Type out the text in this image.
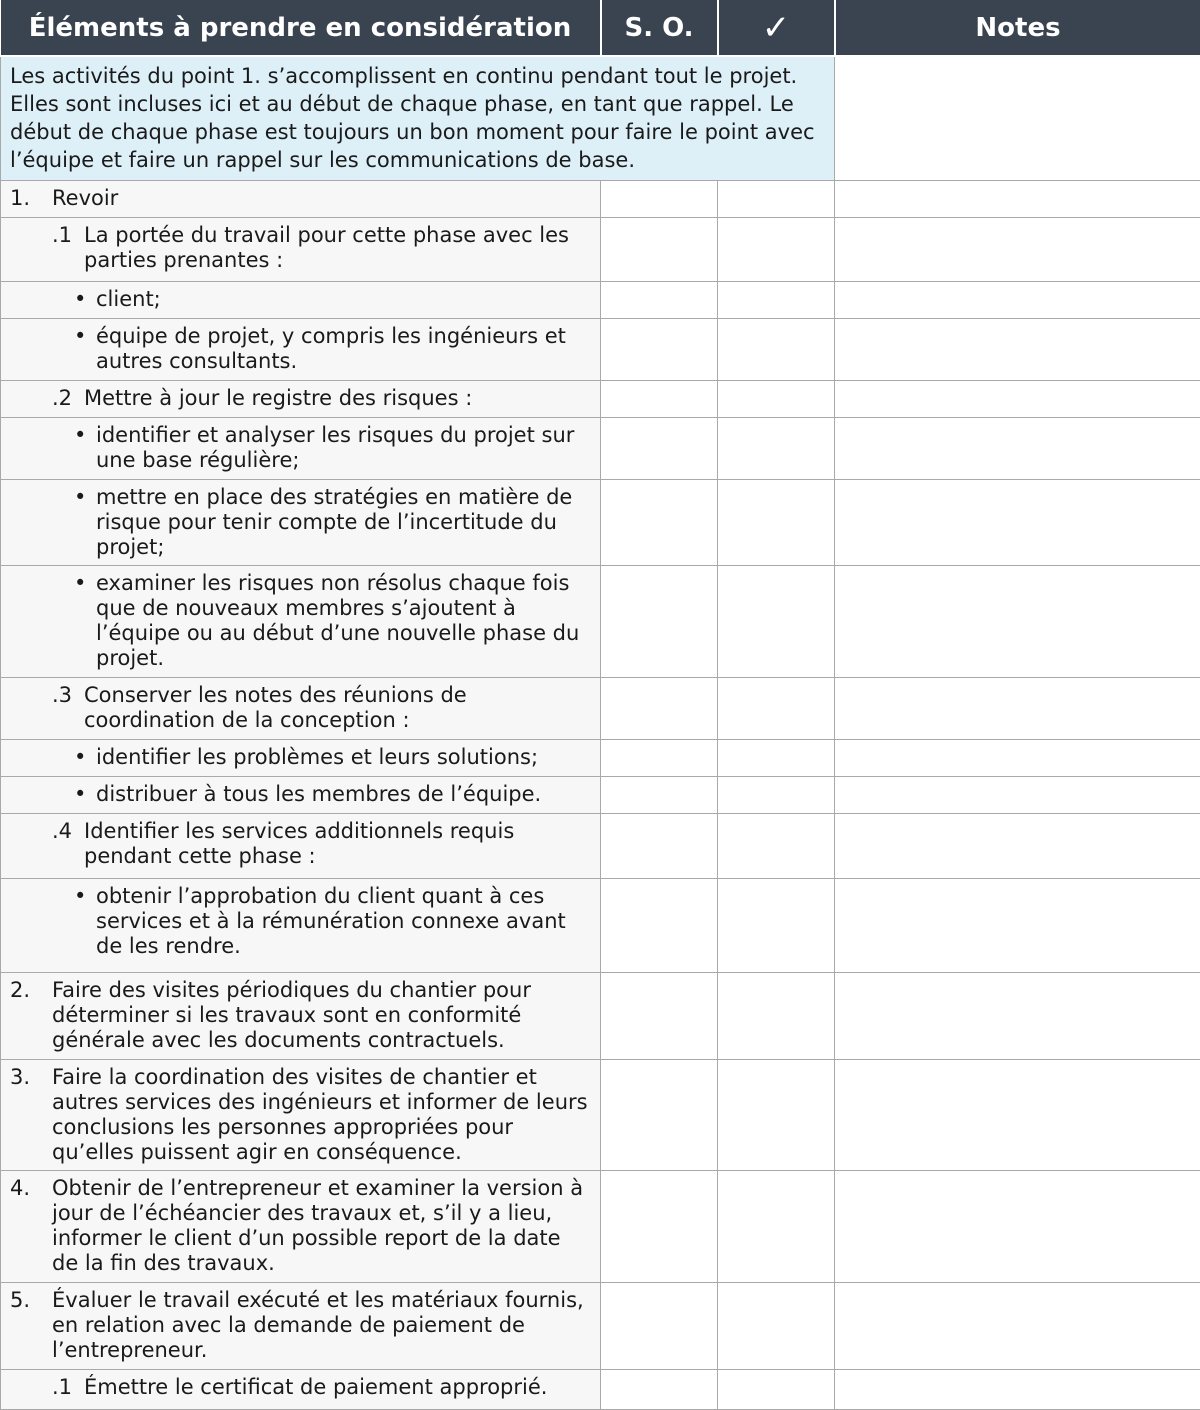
Éléments à prendre en considération	S. O.	✓	Notes
Les activités du point 1. s’accomplissent en continu pendant tout le projet. Elles sont incluses ici et au début de chaque phase, en tant que rappel. Le début de chaque phase est toujours un bon moment pour faire le point avec l’équipe et faire un rappel sur les communications de base.			

1. Revoir			

.1 La portée du travail pour cette phase avec les parties prenantes :			

• client;			

• équipe de projet, y compris les ingénieurs et autres consultants.			

.2 Mettre à jour le registre des risques :			

• identifier et analyser les risques du projet sur une base régulière;			

• mettre en place des stratégies en matière de risque pour tenir compte de l’incertitude du projet;			

• examiner les risques non résolus chaque fois que de nouveaux membres s’ajoutent à l’équipe ou au début d’une nouvelle phase du projet.			

.3 Conserver les notes des réunions de coordination de la conception :			

• identifier les problèmes et leurs solutions;			

• distribuer à tous les membres de l’équipe.			

.4 Identifier les services additionnels requis pendant cette phase :			

• obtenir l’approbation du client quant à ces services et à la rémunération connexe avant de les rendre.			

2. Faire des visites périodiques du chantier pour déterminer si les travaux sont en conformité générale avec les documents contractuels.			

3. Faire la coordination des visites de chantier et autres services des ingénieurs et informer de leurs conclusions les personnes appropriées pour qu’elles puissent agir en conséquence.			

4. Obtenir de l’entrepreneur et examiner la version à jour de l’échéancier des travaux et, s’il y a lieu, informer le client d’un possible report de la date de la fin des travaux.			

5. Évaluer le travail exécuté et les matériaux fournis, en relation avec la demande de paiement de l’entrepreneur.			

.1 Émettre le certificat de paiement approprié.			
